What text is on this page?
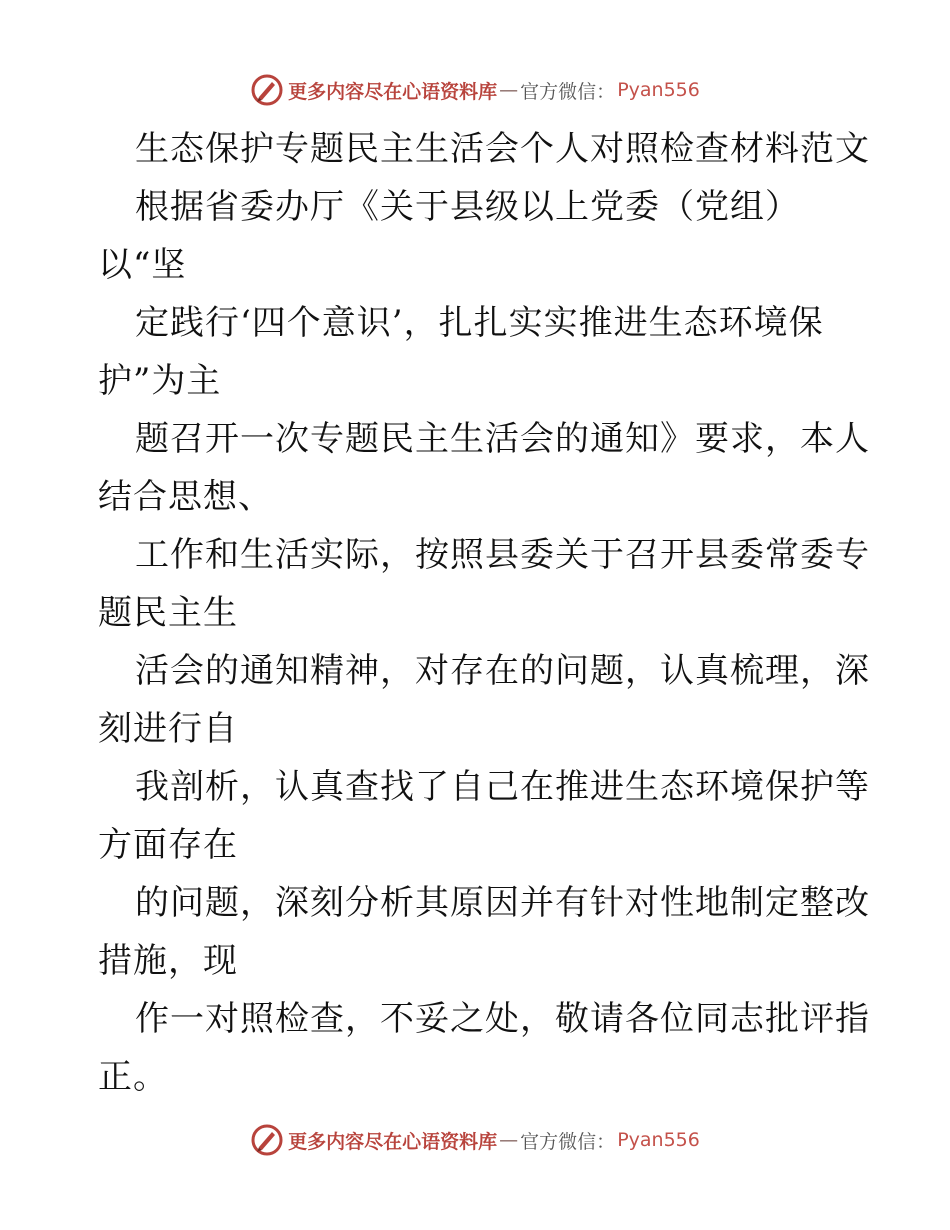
更多内容尽在心语资料库 — 官方微信： Pyan556
生态保护专题民主生活会个人对照检查材料范文
根据省委办厅《关于县级以上党委（党组）
以“坚
定践行‘四个意识’，扎扎实实推进生态环境保
护”为主
题召开一次专题民主生活会的通知》要求，本人
结合思想、
工作和生活实际，按照县委关于召开县委常委专
题民主生
活会的通知精神，对存在的问题，认真梳理，深
刻进行自
我剖析，认真查找了自己在推进生态环境保护等
方面存在
的问题，深刻分析其原因并有针对性地制定整改
措施，现
作一对照检查，不妥之处，敬请各位同志批评指
正。
更多内容尽在心语资料库 — 官方微信： Pyan556
